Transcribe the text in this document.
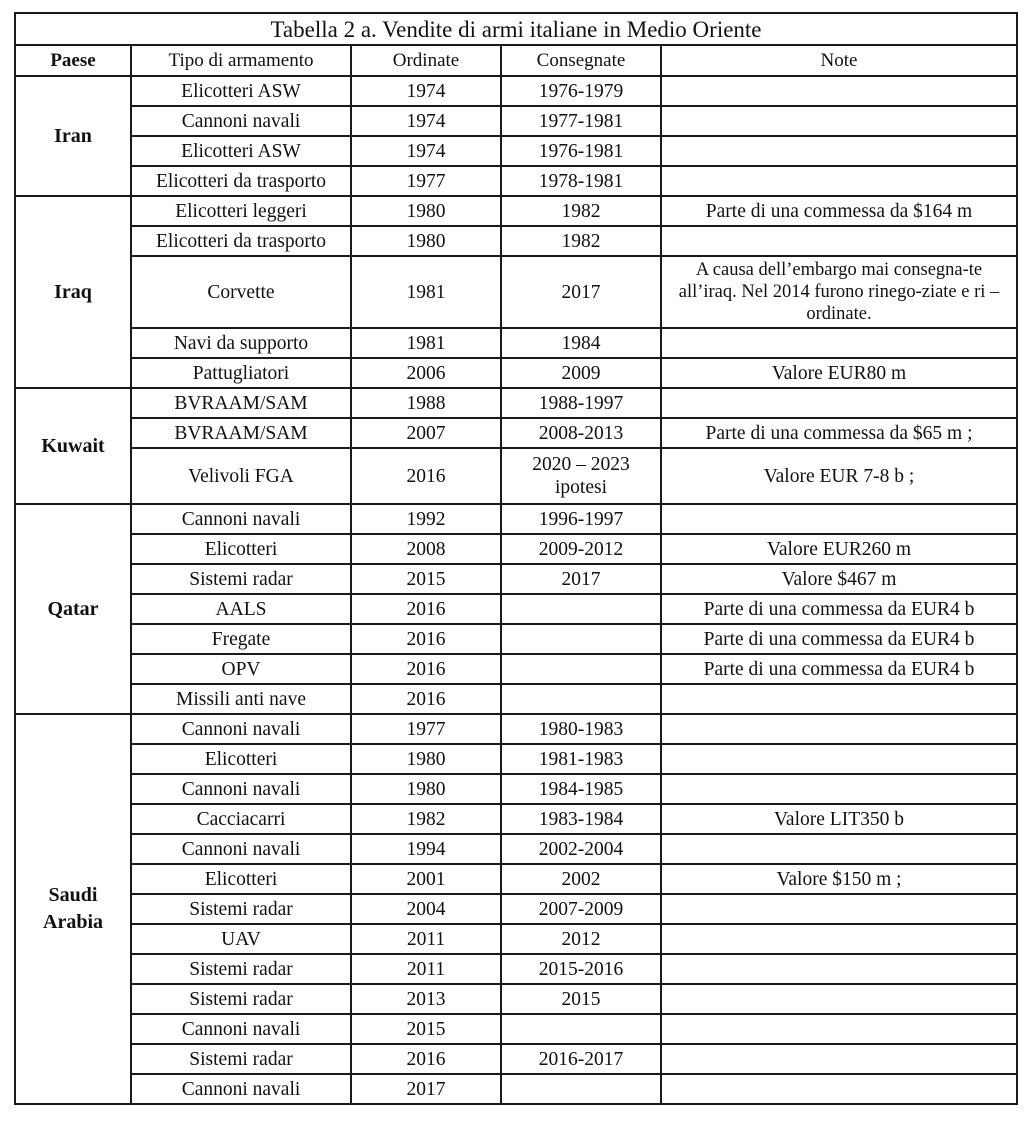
Tabella 2 a. Vendite di armi italiane in Medio Oriente				
Paese	Tipo di armamento	Ordinate	Consegnate	Note
Iran	Elicotteri ASW	1974	1976-1979	
	Cannoni navali	1974	1977-1981	
	Elicotteri ASW	1974	1976-1981	
	Elicotteri da trasporto	1977	1978-1981	
Iraq	Elicotteri leggeri	1980	1982	Parte di una commessa da $164 m
	Elicotteri da trasporto	1980	1982	
	Corvette	1981	2017	A causa dell’embargo mai consegna-te all’iraq. Nel 2014 furono rinego-ziate e ri – ordinate.
	Navi da supporto	1981	1984	
	Pattugliatori	2006	2009	Valore EUR80 m
Kuwait	BVRAAM/SAM	1988	1988-1997	
	BVRAAM/SAM	2007	2008-2013	Parte di una commessa da $65 m ;
	Velivoli FGA	2016	2020 – 2023 ipotesi	Valore EUR 7-8 b ;
Qatar	Cannoni navali	1992	1996-1997	
	Elicotteri	2008	2009-2012	Valore EUR260 m
	Sistemi radar	2015	2017	Valore $467 m
	AALS	2016		Parte di una commessa da EUR4 b
	Fregate	2016		Parte di una commessa da EUR4 b
	OPV	2016		Parte di una commessa da EUR4 b
	Missili anti nave	2016		
Saudi Arabia	Cannoni navali	1977	1980-1983	
	Elicotteri	1980	1981-1983	
	Cannoni navali	1980	1984-1985	
	Cacciacarri	1982	1983-1984	Valore LIT350 b
	Cannoni navali	1994	2002-2004	
	Elicotteri	2001	2002	Valore $150 m ;
	Sistemi radar	2004	2007-2009	
	UAV	2011	2012	
	Sistemi radar	2011	2015-2016	
	Sistemi radar	2013	2015	
	Cannoni navali	2015		
	Sistemi radar	2016	2016-2017	
	Cannoni navali	2017		
